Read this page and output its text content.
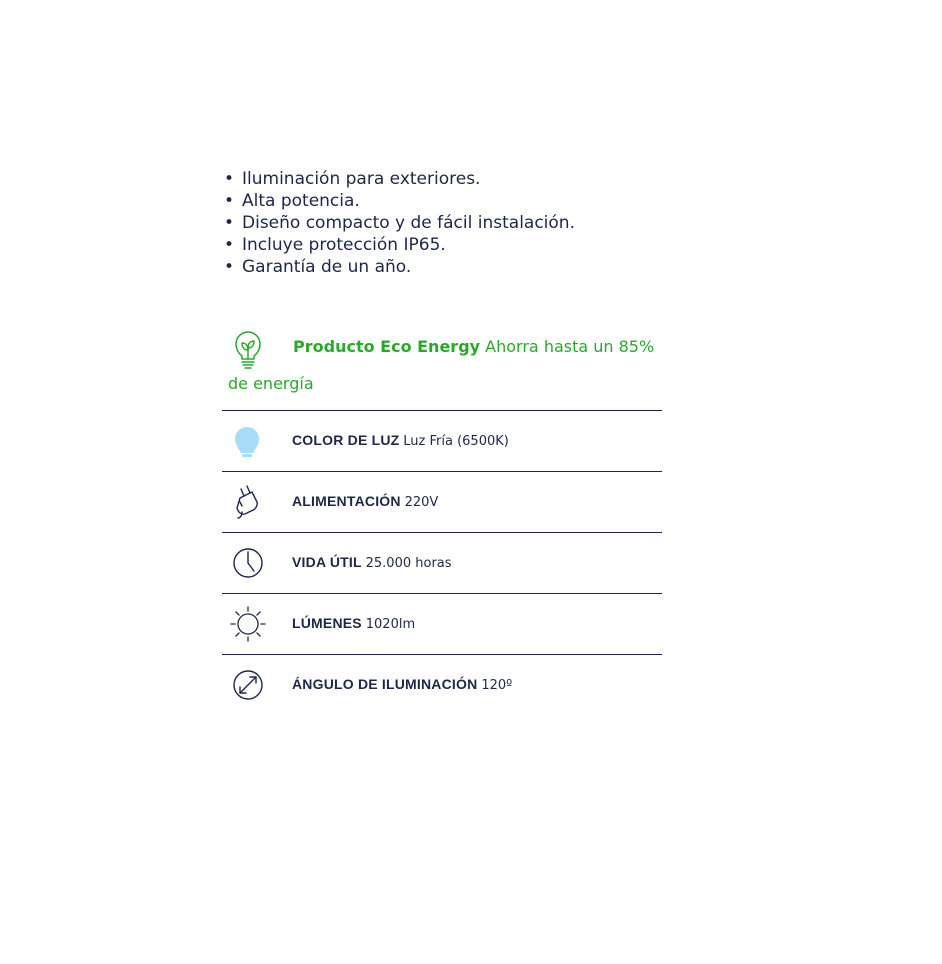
• Iluminación para exteriores.
• Alta potencia.
• Diseño compacto y de fácil instalación.
• Incluye protección IP65.
• Garantía de un año.
Producto Eco Energy Ahorra hasta un 85%
de energía
COLOR DE LUZ Luz Fría (6500K)
ALIMENTACIÓN 220V
VIDA ÚTIL 25.000 horas
LÚMENES 1020lm
ÁNGULO DE ILUMINACIÓN 120º
